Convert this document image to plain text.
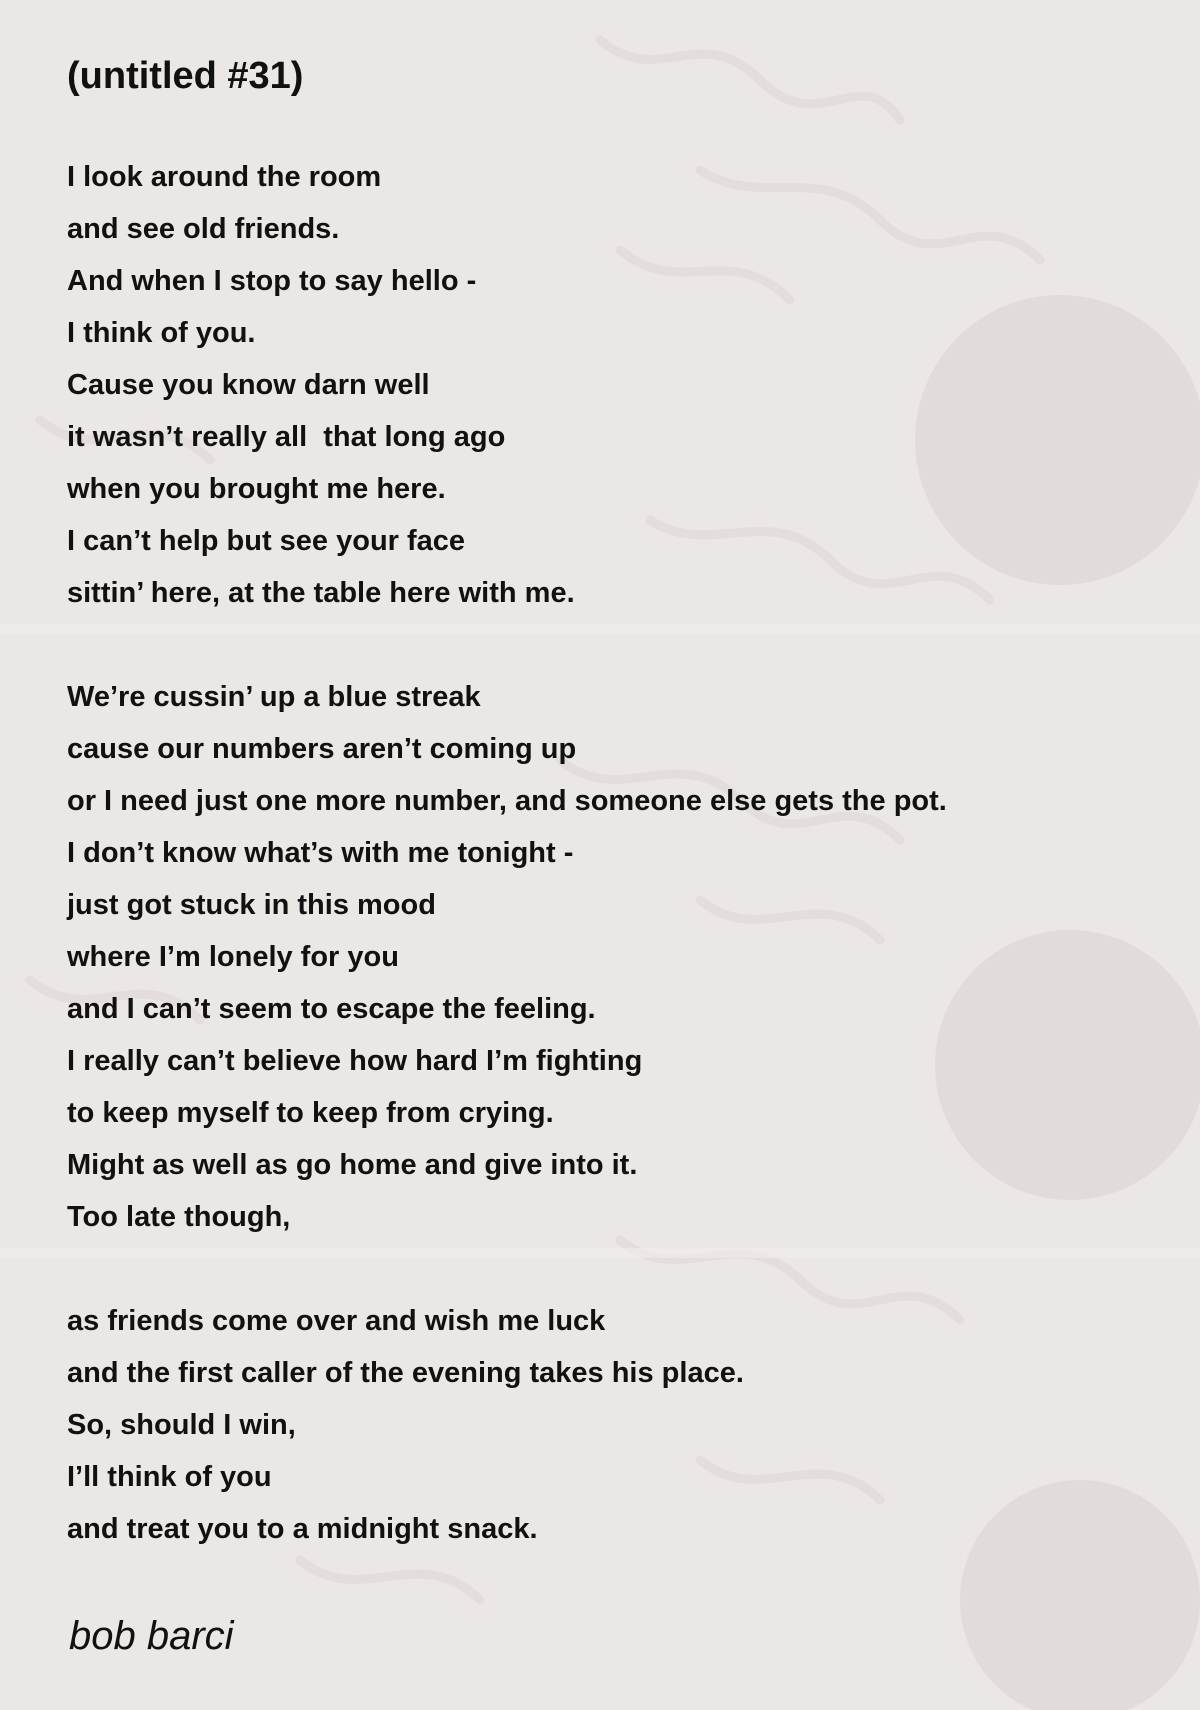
(untitled #31)
I look around the room
and see old friends.
And when I stop to say hello -
I think of you.
Cause you know darn well
it wasn’t really all  that long ago
when you brought me here.
I can’t help but see your face
sittin’ here, at the table here with me.
We’re cussin’ up a blue streak
cause our numbers aren’t coming up
or I need just one more number, and someone else gets the pot.
I don’t know what’s with me tonight -
just got stuck in this mood
where I’m lonely for you
and I can’t seem to escape the feeling.
I really can’t believe how hard I’m fighting
to keep myself to keep from crying.
Might as well as go home and give into it.
Too late though,
as friends come over and wish me luck
and the first caller of the evening takes his place.
So, should I win,
I’ll think of you
and treat you to a midnight snack.
bob barci
